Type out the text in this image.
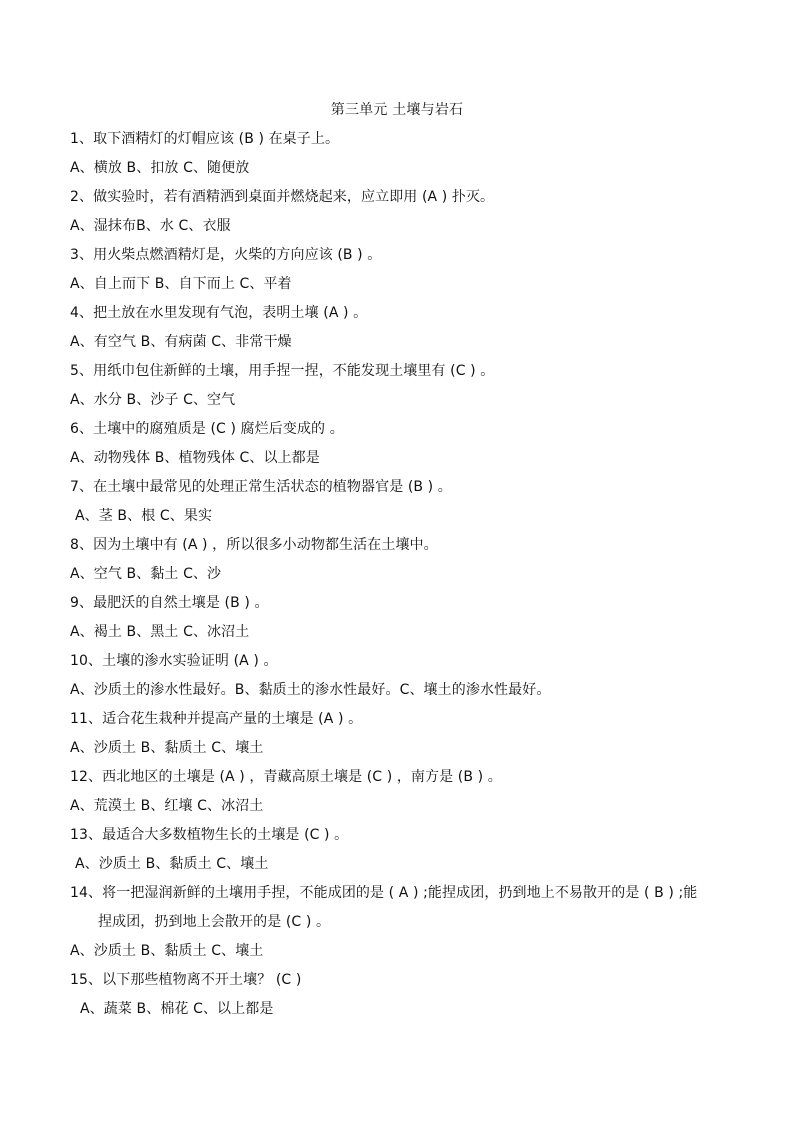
第三单元 土壤与岩石
1、取下酒精灯的灯帽应该 (B ) 在桌子上。
A、横放 B、扣放 C、随便放
2、做实验时，若有酒精洒到桌面并燃烧起来，应立即用 (A ) 扑灭。
A、湿抹布B、水 C、衣服
3、用火柴点燃酒精灯是，火柴的方向应该 (B ) 。
A、自上而下 B、自下而上 C、平着
4、把土放在水里发现有气泡，表明土壤 (A ) 。
A、有空气 B、有病菌 C、非常干燥
5、用纸巾包住新鲜的土壤，用手捏一捏，不能发现土壤里有 (C ) 。
A、水分 B、沙子 C、空气
6、土壤中的腐殖质是 (C ) 腐烂后变成的 。
A、动物残体 B、植物残体 C、以上都是
7、在土壤中最常见的处理正常生活状态的植物器官是 (B ) 。
A、茎 B、根 C、果实
8、因为土壤中有 (A ) ，所以很多小动物都生活在土壤中。
A、空气 B、黏土 C、沙
9、最肥沃的自然土壤是 (B ) 。
A、褐土 B、黑土 C、冰沼土
10、土壤的渗水实验证明 (A ) 。
A、沙质土的渗水性最好。B、黏质土的渗水性最好。C、壤土的渗水性最好。
11、适合花生栽种并提高产量的土壤是 (A ) 。
A、沙质土 B、黏质土 C、壤土
12、西北地区的土壤是 (A ) ，青藏高原土壤是 (C ) ，南方是 (B ) 。
A、荒漠土 B、红壤 C、冰沼土
13、最适合大多数植物生长的土壤是 (C ) 。
A、沙质土 B、黏质土 C、壤土
14、将一把湿润新鲜的土壤用手捏，不能成团的是 ( A ) ;能捏成团，扔到地上不易散开的是 ( B ) ;能
捏成团，扔到地上会散开的是 (C ) 。
A、沙质土 B、黏质土 C、壤土
15、以下那些植物离不开土壤？ (C )
A、蔬菜 B、棉花 C、以上都是
